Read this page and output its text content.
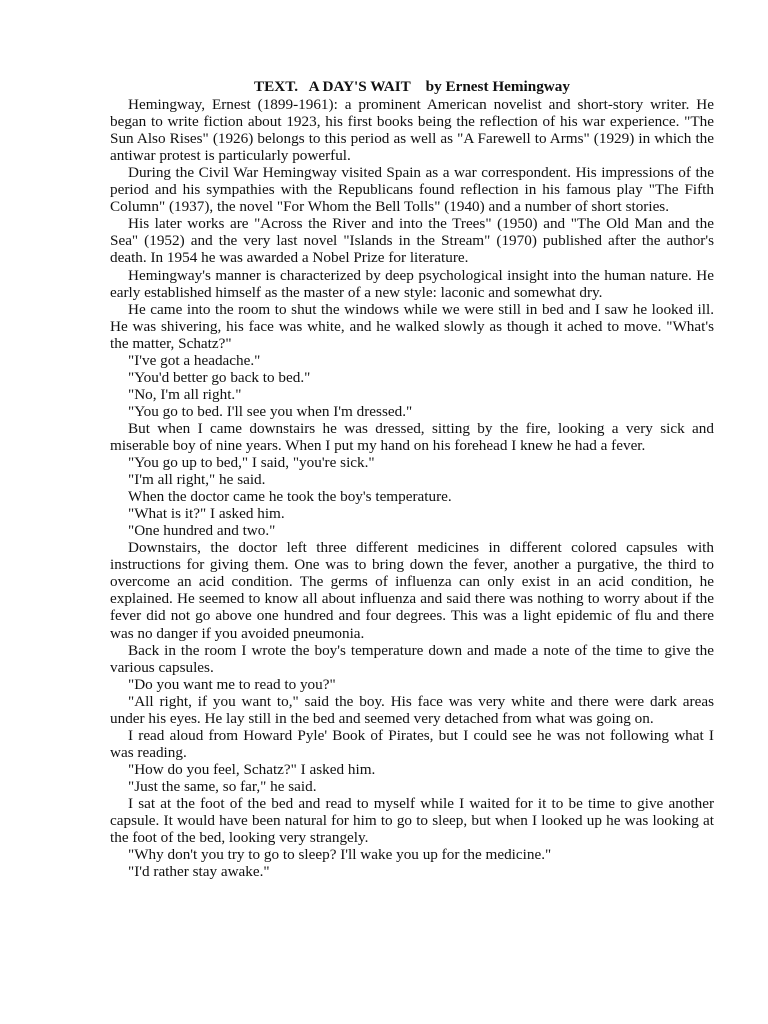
TEXT.   A DAY'S WAIT    by Ernest Hemingway

Hemingway, Ernest (1899-1961): a prominent American novelist and short-story writer. He began to write fiction about 1923, his first books being the reflection of his war experience. "The Sun Also Rises" (1926) belongs to this period as well as "A Farewell to Arms" (1929) in which the antiwar protest is particularly powerful.

During the Civil War Hemingway visited Spain as a war correspondent. His impressions of the period and his sympathies with the Republicans found reflection in his famous play "The Fifth Column" (1937), the novel "For Whom the Bell Tolls" (1940) and a number of short stories.

His later works are "Across the River and into the Trees" (1950) and "The Old Man and the Sea" (1952) and the very last novel "Islands in the Stream" (1970) published after the author's death. In 1954 he was awarded a Nobel Prize for literature.

Hemingway's manner is characterized by deep psychological insight into the human nature. He early established himself as the master of a new style: laconic and somewhat dry.

He came into the room to shut the windows while we were still in bed and I saw he looked ill. He was shivering, his face was white, and he walked slowly as though it ached to move. "What's the matter, Schatz?"

"I've got a headache."

"You'd better go back to bed."

"No, I'm all right."

"You go to bed. I'll see you when I'm dressed."

But when I came downstairs he was dressed, sitting by the fire, looking a very sick and miserable boy of nine years. When I put my hand on his forehead I knew he had a fever.

"You go up to bed," I said, "you're sick."

"I'm all right," he said.

When the doctor came he took the boy's temperature.

"What is it?" I asked him.

"One hundred and two."

Downstairs, the doctor left three different medicines in different colored capsules with instructions for giving them. One was to bring down the fever, another a purgative, the third to overcome an acid condition. The germs of influenza can only exist in an acid condition, he explained. He seemed to know all about influenza and said there was nothing to worry about if the fever did not go above one hundred and four degrees. This was a light epidemic of flu and there was no danger if you avoided pneumonia.

Back in the room I wrote the boy's temperature down and made a note of the time to give the various capsules.

"Do you want me to read to you?"

"All right, if you want to," said the boy. His face was very white and there were dark areas under his eyes. He lay still in the bed and seemed very detached from what was going on.

I read aloud from Howard Pyle' Book of Pirates, but I could see he was not following what I was reading.

"How do you feel, Schatz?" I asked him.

"Just the same, so far," he said.

I sat at the foot of the bed and read to myself while I waited for it to be time to give another capsule. It would have been natural for him to go to sleep, but when I looked up he was looking at the foot of the bed, looking very strangely.

"Why don't you try to go to sleep? I'll wake you up for the medicine."

"I'd rather stay awake."
